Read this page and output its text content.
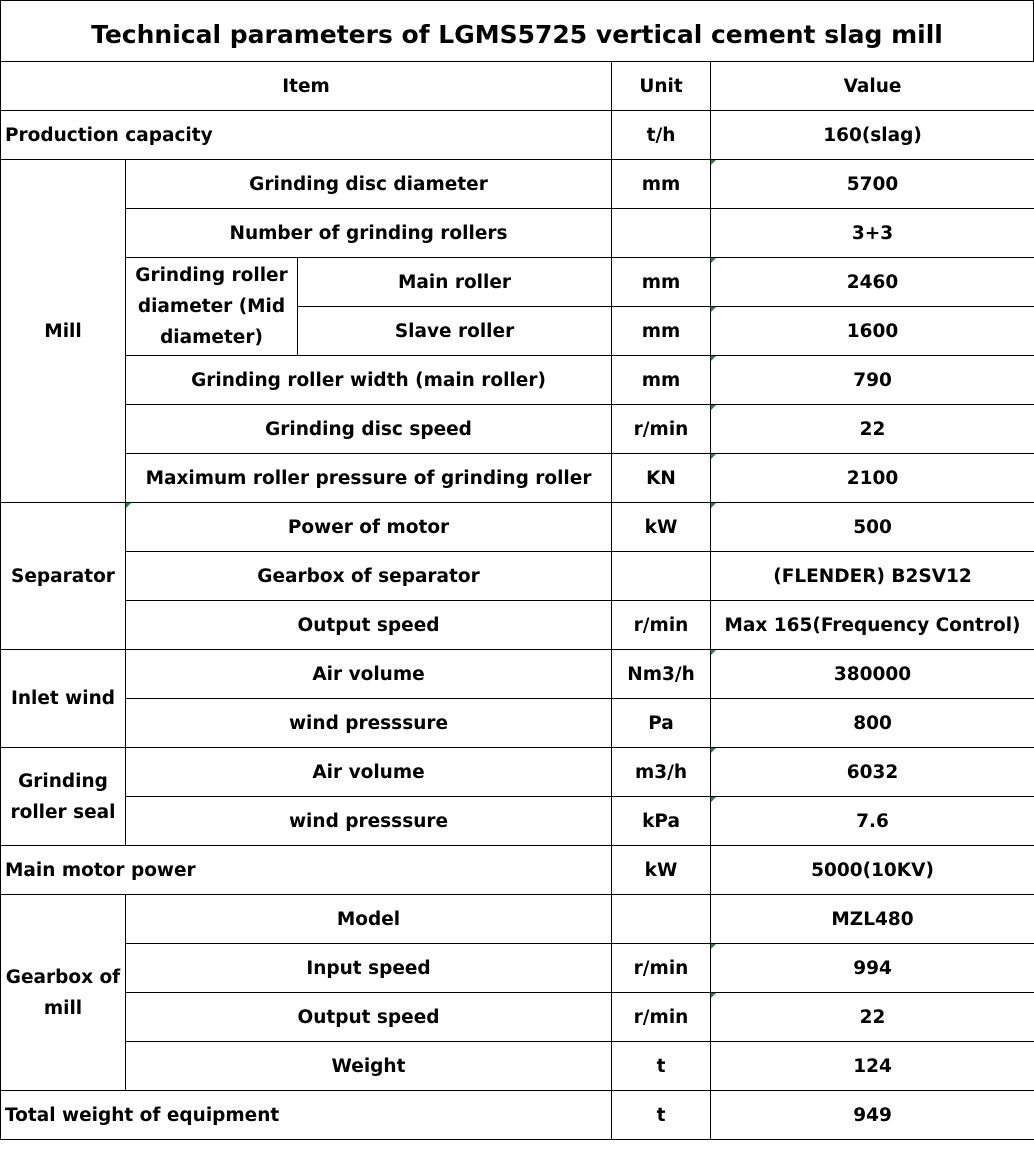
Technical parameters of LGMS5725 vertical cement slag mill
Item			Unit	Value
Production capacity			t/h	160(slag)
Mill	Grinding disc diameter		mm	5700
	Number of grinding rollers			3+3
	Grinding roller diameter (Mid diameter)	Main roller	mm	2460
		Slave roller	mm	1600
	Grinding roller width (main roller)		mm	790
	Grinding disc speed		r/min	22
	Maximum roller pressure of grinding roller		KN	2100
Separator	Power of motor		kW	500
	Gearbox of separator			(FLENDER) B2SV12
	Output speed		r/min	Max 165(Frequency Control)
Inlet wind	Air volume		Nm3/h	380000
	wind presssure		Pa	800
Grinding roller seal	Air volume		m3/h	6032
	wind presssure		kPa	7.6
Main motor power			kW	5000(10KV)
Gearbox of mill	Model			MZL480
	Input speed		r/min	994
	Output speed		r/min	22
	Weight		t	124
Total weight of equipment			t	949
